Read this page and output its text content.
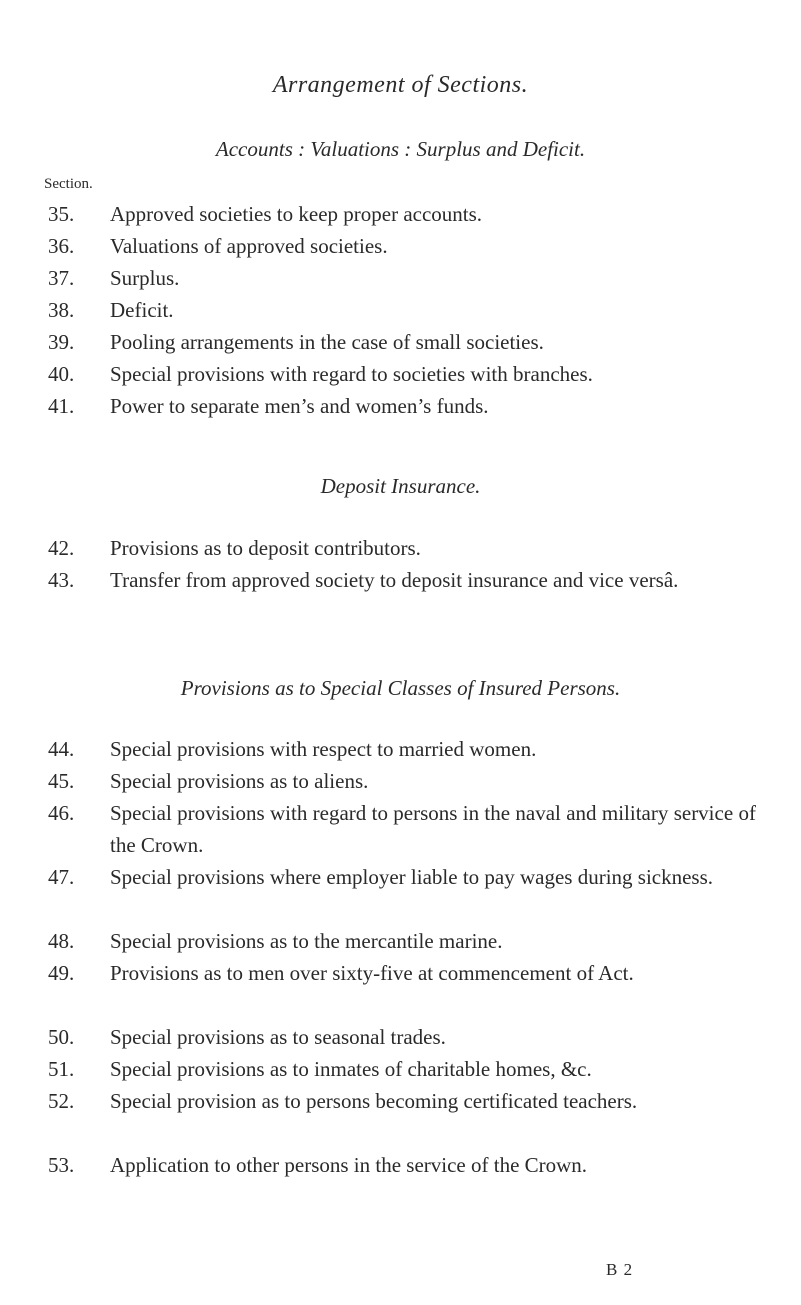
Arrangement of Sections.
Section.
Accounts : Valuations : Surplus and Deficit.
35.	Approved societies to keep proper accounts.
36.	Valuations of approved societies.
37.	Surplus.
38.	Deficit.
39.	Pooling arrangements in the case of small societies.
40.	Special provisions with regard to societies with branches.
41.	Power to separate men’s and women’s funds.
Deposit Insurance.
42.	Provisions as to deposit contributors.
43.	Transfer from approved society to deposit insurance and vice versâ.
Provisions as to Special Classes of Insured Persons.
44.	Special provisions with respect to married women.
45.	Special provisions as to aliens.
46.	Special provisions with regard to persons in the naval and military service of the Crown.
47.	Special provisions where employer liable to pay wages during sickness.
48.	Special provisions as to the mercantile marine.
49.	Provisions as to men over sixty-five at commencement of Act.
50.	Special provisions as to seasonal trades.
51.	Special provisions as to inmates of charitable homes, &c.
52.	Special provision as to persons becoming certificated teachers.
53.	Application to other persons in the service of the Crown.
B 2
